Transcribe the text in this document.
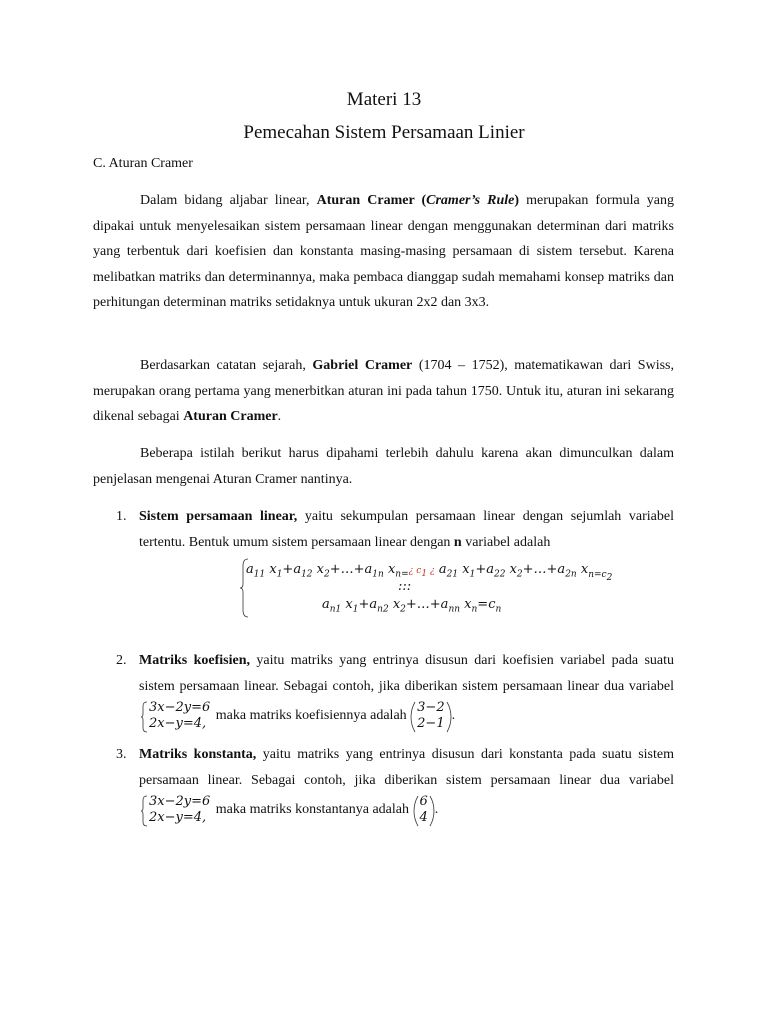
Materi 13
Pemecahan Sistem Persamaan Linier
C. Aturan Cramer
Dalam bidang aljabar linear, Aturan Cramer (Cramer’s Rule) merupakan formula yang dipakai untuk menyelesaikan sistem persamaan linear dengan menggunakan determinan dari matriks yang terbentuk dari koefisien dan konstanta masing-masing persamaan di sistem tersebut. Karena melibatkan matriks dan determinannya, maka pembaca dianggap sudah memahami konsep matriks dan perhitungan determinan matriks setidaknya untuk ukuran 2x2 dan 3x3.
Berdasarkan catatan sejarah, Gabriel Cramer (1704 – 1752), matematikawan dari Swiss, merupakan orang pertama yang menerbitkan aturan ini pada tahun 1750. Untuk itu, aturan ini sekarang dikenal sebagai Aturan Cramer.
Beberapa istilah berikut harus dipahami terlebih dahulu karena akan dimunculkan dalam penjelasan mengenai Aturan Cramer nantinya.
1. Sistem persamaan linear, yaitu sekumpulan persamaan linear dengan sejumlah variabel tertentu. Bentuk umum sistem persamaan linear dengan n variabel adalah
$a_{11}$ $x_1+a_{12}$ $x_2+\dots+a_{1n}$ $x_{n=}¿$ $c_1$ ¿ $a_{21}$ $x_1+a_{22}$ $x_2+\dots+a_{2n}$ $x_{n=c_2}$
:::
$a_{n1}$ $x_1+a_{n2}$ $x_2+\dots+a_{nn}$ $x_n=c_n$
2. Matriks koefisien, yaitu matriks yang entrinya disusun dari koefisien variabel pada suatu sistem persamaan linear. Sebagai contoh, jika diberikan sistem persamaan linear dua variabel
3x−2y=6
2x−y=4, maka matriks koefisiennya adalah
3−2
2−1
.
3. Matriks konstanta, yaitu matriks yang entrinya disusun dari konstanta pada suatu sistem persamaan linear. Sebagai contoh, jika diberikan sistem persamaan linear dua variabel
3x−2y=6
2x−y=4, maka matriks konstantanya adalah
6
4
.
